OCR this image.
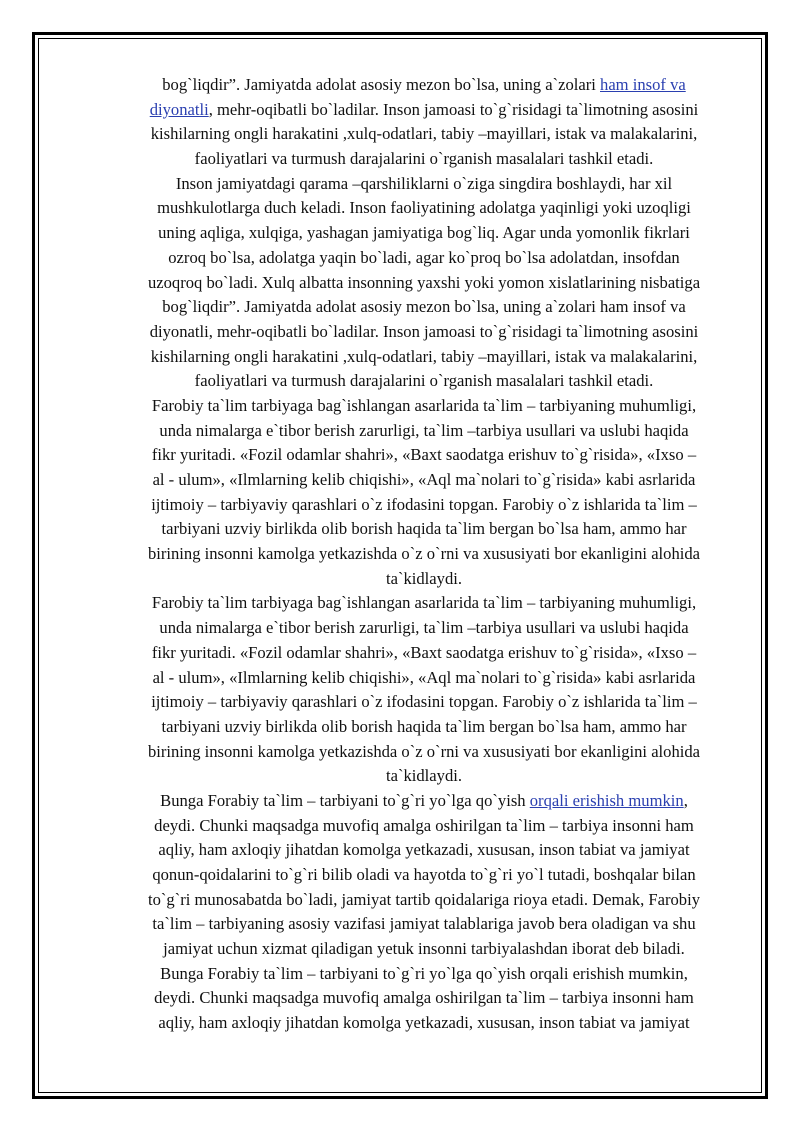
bog`liqdir”. Jamiyatda adolat asosiy mezon bo`lsa, uning a`zolari ham insof va
diyonatli, mehr-oqibatli bo`ladilar. Inson jamoasi to`g`risidagi ta`limotning asosini
kishilarning ongli harakatini ,xulq-odatlari, tabiy –mayillari, istak va malakalarini,
faoliyatlari va turmush darajalarini o`rganish masalalari tashkil etadi.
Inson jamiyatdagi qarama –qarshiliklarni o`ziga singdira boshlaydi, har xil
mushkulotlarga duch keladi. Inson faoliyatining adolatga yaqinligi yoki uzoqligi
uning aqliga, xulqiga, yashagan jamiyatiga bog`liq. Agar unda yomonlik fikrlari
ozroq bo`lsa, adolatga yaqin bo`ladi, agar ko`proq bo`lsa adolatdan, insofdan
uzoqroq bo`ladi. Xulq albatta insonning yaxshi yoki yomon xislatlarining nisbatiga
bog`liqdir”. Jamiyatda adolat asosiy mezon bo`lsa, uning a`zolari ham insof va
diyonatli, mehr-oqibatli bo`ladilar. Inson jamoasi to`g`risidagi ta`limotning asosini
kishilarning ongli harakatini ,xulq-odatlari, tabiy –mayillari, istak va malakalarini,
faoliyatlari va turmush darajalarini o`rganish masalalari tashkil etadi.
Farobiy ta`lim tarbiyaga bag`ishlangan asarlarida ta`lim – tarbiyaning muhumligi,
unda nimalarga e`tibor berish zarurligi, ta`lim –tarbiya usullari va uslubi haqida
fikr yuritadi. «Fozil odamlar shahri», «Baxt saodatga erishuv to`g`risida», «Ixso –
al - ulum», «Ilmlarning kelib chiqishi», «Aql ma`nolari to`g`risida» kabi asrlarida
ijtimoiy – tarbiyaviy qarashlari o`z ifodasini topgan. Farobiy o`z ishlarida ta`lim –
tarbiyani uzviy birlikda olib borish haqida ta`lim bergan bo`lsa ham, ammo har
birining insonni kamolga yetkazishda o`z o`rni va xususiyati bor ekanligini alohida
ta`kidlaydi.
Farobiy ta`lim tarbiyaga bag`ishlangan asarlarida ta`lim – tarbiyaning muhumligi,
unda nimalarga e`tibor berish zarurligi, ta`lim –tarbiya usullari va uslubi haqida
fikr yuritadi. «Fozil odamlar shahri», «Baxt saodatga erishuv to`g`risida», «Ixso –
al - ulum», «Ilmlarning kelib chiqishi», «Aql ma`nolari to`g`risida» kabi asrlarida
ijtimoiy – tarbiyaviy qarashlari o`z ifodasini topgan. Farobiy o`z ishlarida ta`lim –
tarbiyani uzviy birlikda olib borish haqida ta`lim bergan bo`lsa ham, ammo har
birining insonni kamolga yetkazishda o`z o`rni va xususiyati bor ekanligini alohida
ta`kidlaydi.
Bunga Forabiy ta`lim – tarbiyani to`g`ri yo`lga qo`yish orqali erishish mumkin,
deydi. Chunki maqsadga muvofiq amalga oshirilgan ta`lim – tarbiya insonni ham
aqliy, ham axloqiy jihatdan komolga yetkazadi, xususan, inson tabiat va jamiyat
qonun-qoidalarini to`g`ri bilib oladi va hayotda to`g`ri yo`l tutadi, boshqalar bilan
to`g`ri munosabatda bo`ladi, jamiyat tartib qoidalariga rioya etadi. Demak, Farobiy
ta`lim – tarbiyaning asosiy vazifasi jamiyat talablariga javob bera oladigan va shu
jamiyat uchun xizmat qiladigan yetuk insonni tarbiyalashdan iborat deb biladi.
Bunga Forabiy ta`lim – tarbiyani to`g`ri yo`lga qo`yish orqali erishish mumkin,
deydi. Chunki maqsadga muvofiq amalga oshirilgan ta`lim – tarbiya insonni ham
aqliy, ham axloqiy jihatdan komolga yetkazadi, xususan, inson tabiat va jamiyat
